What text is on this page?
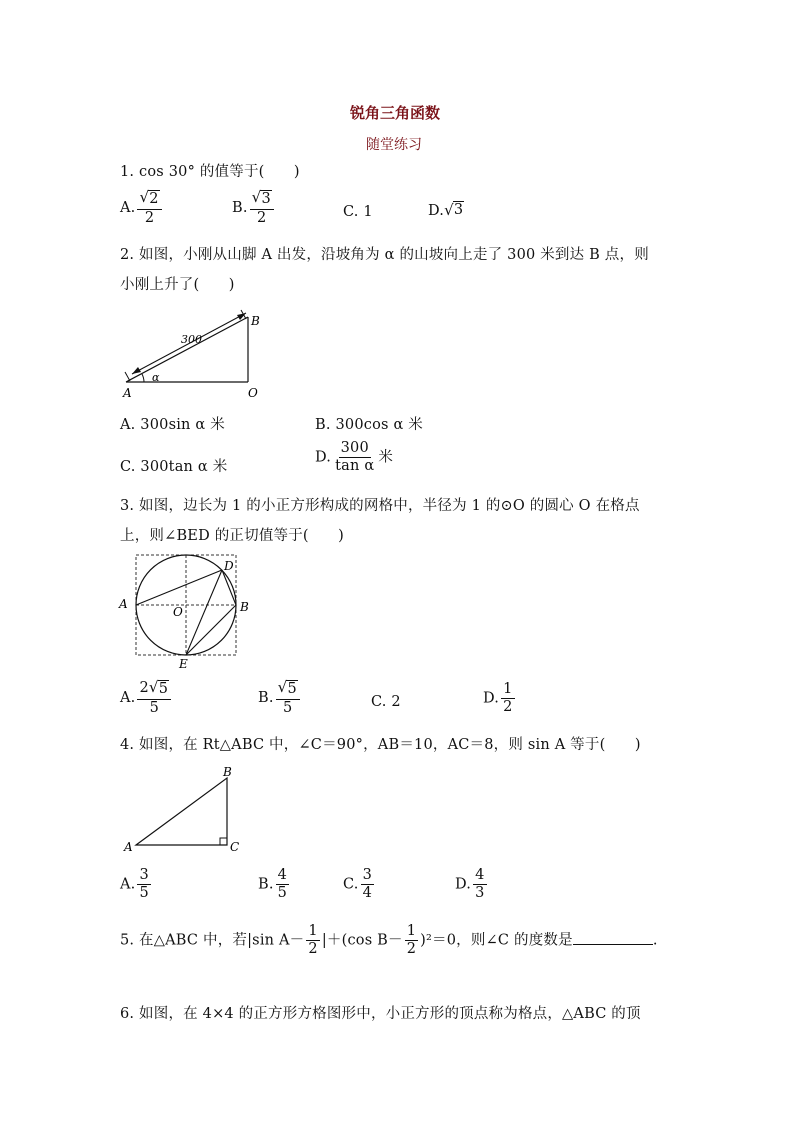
锐角三角函数
随堂练习
1. cos 30° 的值等于(　　)
A. $\frac{√ 2}{2}$	B. $\frac{√ 3}{2}$	C. 1	D. √ 3
2. 如图，小刚从山脚 A 出发，沿坡角为 α 的山坡向上走了 300 米到达 B 点，则
小刚上升了(　　)
300
α
A
B
O
A. 300sin α 米	B. 300cos α 米
C. 300tan α 米
D. $\frac{300}{\text{tan α}}$ 米
3. 如图，边长为 1 的小正方形构成的网格中，半径为 1 的⊙O 的圆心 O 在格点
上，则∠BED 的正切值等于(　　)
A	B
D
E
O
A. $\frac{2 √ 5}{5}$	B. $\frac{√ 5}{5}$	C. 2	D. $\frac{1}{2}$
4. 如图，在 Rt△ABC 中，∠C＝90°，AB＝10，AC＝8，则 sin A 等于(　　)
A
B
C
A. $\frac{3}{5}$	B. $\frac{4}{5}$	C. $\frac{3}{4}$	D. $\frac{4}{3}$
5. 在△ABC 中，若|sin $A- \frac{1}{2} |+(\cos$ $B- \frac{1}{2} )^2=0$，则∠C 的度数是	.
6. 如图，在 4×4 的正方形方格图形中，小正方形的顶点称为格点，△ABC 的顶
